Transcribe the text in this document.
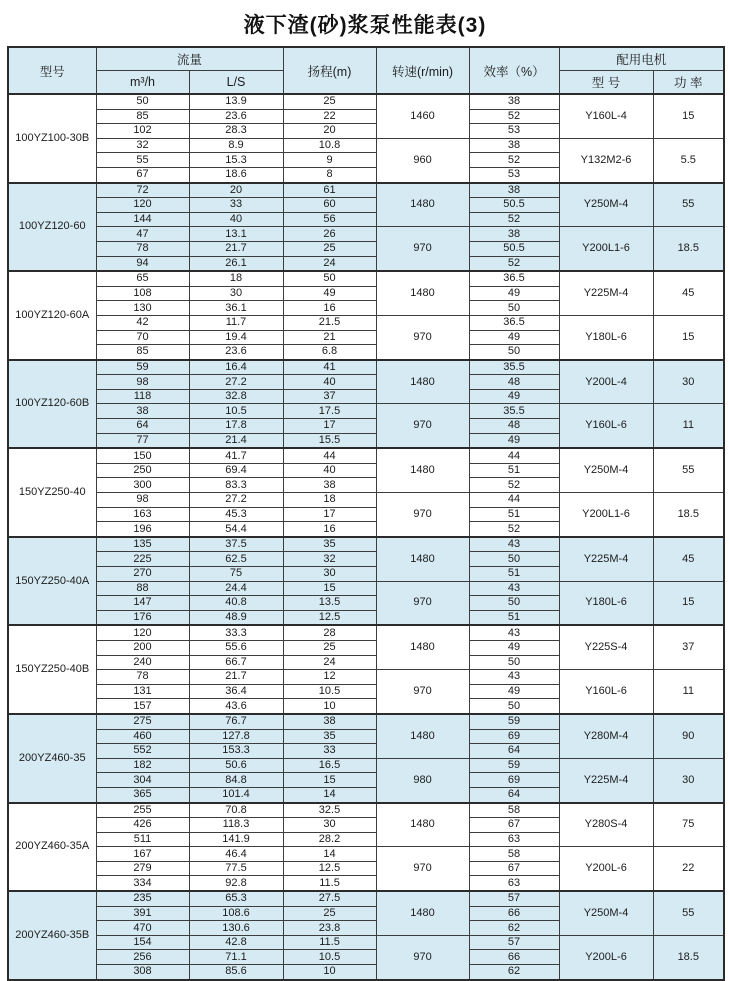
液下渣(砂)浆泵性能表(3)
型号	流量		扬程(m)	转速(r/min)	效率（%）	配用电机	
	m³/h	L/S				型 号	功 率
100YZ100-30B	50	13.9	25	1460	38	Y160L-4	15
	85	23.6	22		52		
	102	28.3	20		53		
	32	8.9	10.8	960	38	Y132M2-6	5.5
	55	15.3	9		52		
	67	18.6	8		53		
100YZ120-60	72	20	61	1480	38	Y250M-4	55
	120	33	60		50.5		
	144	40	56		52		
	47	13.1	26	970	38	Y200L1-6	18.5
	78	21.7	25		50.5		
	94	26.1	24		52		
100YZ120-60A	65	18	50	1480	36.5	Y225M-4	45
	108	30	49		49		
	130	36.1	16		50		
	42	11.7	21.5	970	36.5	Y180L-6	15
	70	19.4	21		49		
	85	23.6	6.8		50		
100YZ120-60B	59	16.4	41	1480	35.5	Y200L-4	30
	98	27.2	40		48		
	118	32.8	37		49		
	38	10.5	17.5	970	35.5	Y160L-6	11
	64	17.8	17		48		
	77	21.4	15.5		49		
150YZ250-40	150	41.7	44	1480	44	Y250M-4	55
	250	69.4	40		51		
	300	83.3	38		52		
	98	27.2	18	970	44	Y200L1-6	18.5
	163	45.3	17		51		
	196	54.4	16		52		
150YZ250-40A	135	37.5	35	1480	43	Y225M-4	45
	225	62.5	32		50		
	270	75	30		51		
	88	24.4	15	970	43	Y180L-6	15
	147	40.8	13.5		50		
	176	48.9	12.5		51		
150YZ250-40B	120	33.3	28	1480	43	Y225S-4	37
	200	55.6	25		49		
	240	66.7	24		50		
	78	21.7	12	970	43	Y160L-6	11
	131	36.4	10.5		49		
	157	43.6	10		50		
200YZ460-35	275	76.7	38	1480	59	Y280M-4	90
	460	127.8	35		69		
	552	153.3	33		64		
	182	50.6	16.5	980	59	Y225M-4	30
	304	84.8	15		69		
	365	101.4	14		64		
200YZ460-35A	255	70.8	32.5	1480	58	Y280S-4	75
	426	118.3	30		67		
	511	141.9	28.2		63		
	167	46.4	14	970	58	Y200L-6	22
	279	77.5	12.5		67		
	334	92.8	11.5		63		
200YZ460-35B	235	65.3	27.5	1480	57	Y250M-4	55
	391	108.6	25		66		
	470	130.6	23.8		62		
	154	42.8	11.5	970	57	Y200L-6	18.5
	256	71.1	10.5		66		
	308	85.6	10		62		
